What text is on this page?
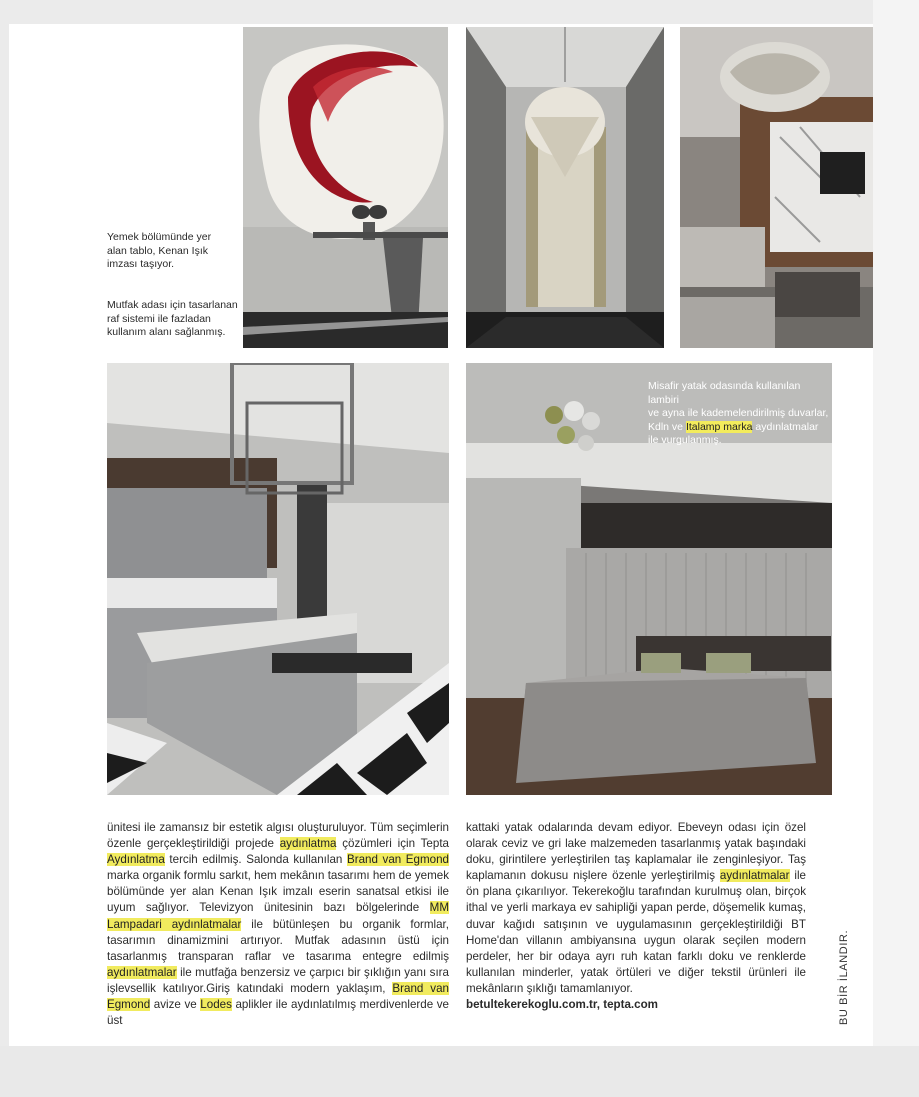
Yemek bölümünde yer
alan tablo, Kenan Işık
imzası taşıyor.
Mutfak adası için tasarlanan
raf sistemi ile fazladan
kullanım alanı sağlanmış.
Misafir yatak odasında kullanılan lambiri
ve ayna ile kademelendirilmiş duvarlar,
Kdln ve Italamp marka aydınlatmalar
ile vurgulanmış.

ünitesi ile zamansız bir estetik algısı oluşturuluyor. Tüm seçimlerin özenle gerçekleştirildiği projede aydınlatma çözümleri için Tepta Aydınlatma tercih edilmiş. Salonda kullanılan Brand van Egmond marka organik formlu sarkıt, hem mekânın tasarımı hem de yemek bölümünde yer alan Kenan Işık imzalı eserin sanatsal etkisi ile uyum sağlıyor. Televizyon ünitesinin bazı bölgelerinde MM Lampadari aydınlatmalar ile bütünleşen bu organik formlar, tasarımın dinamizmini artırıyor. Mutfak adasının üstü için tasarlanmış transparan raflar ve tasarıma entegre edilmiş aydınlatmalar ile mutfağa benzersiz ve çarpıcı bir şıklığın yanı sıra işlevsellik katılıyor.Giriş katındaki modern yaklaşım, Brand van Egmond avize ve Lodes aplikler ile aydınlatılmış merdivenlerde ve üst

kattaki yatak odalarında devam ediyor. Ebeveyn odası için özel olarak ceviz ve gri lake malzemeden tasarlanmış yatak başındaki doku, girintilere yerleştirilen taş kaplamalar ile zenginleşiyor. Taş kaplamanın dokusu nişlere özenle yerleştirilmiş aydınlatmalar ile ön plana çıkarılıyor. Tekerekoğlu tarafından kurulmuş olan, birçok ithal ve yerli markaya ev sahipliği yapan perde, döşemelik kumaş, duvar kağıdı satışının ve uygulamasının gerçekleştirildiği BT Home'dan villanın ambiyansına uygun olarak seçilen modern perdeler, her bir odaya ayrı ruh katan farklı doku ve renklerde kullanılan minderler, yatak örtüleri ve diğer tekstil ürünleri ile mekânların şıklığı tamamlanıyor.

betultekerekoglu.com.tr, tepta.com	BU BİR İLANDIR.
